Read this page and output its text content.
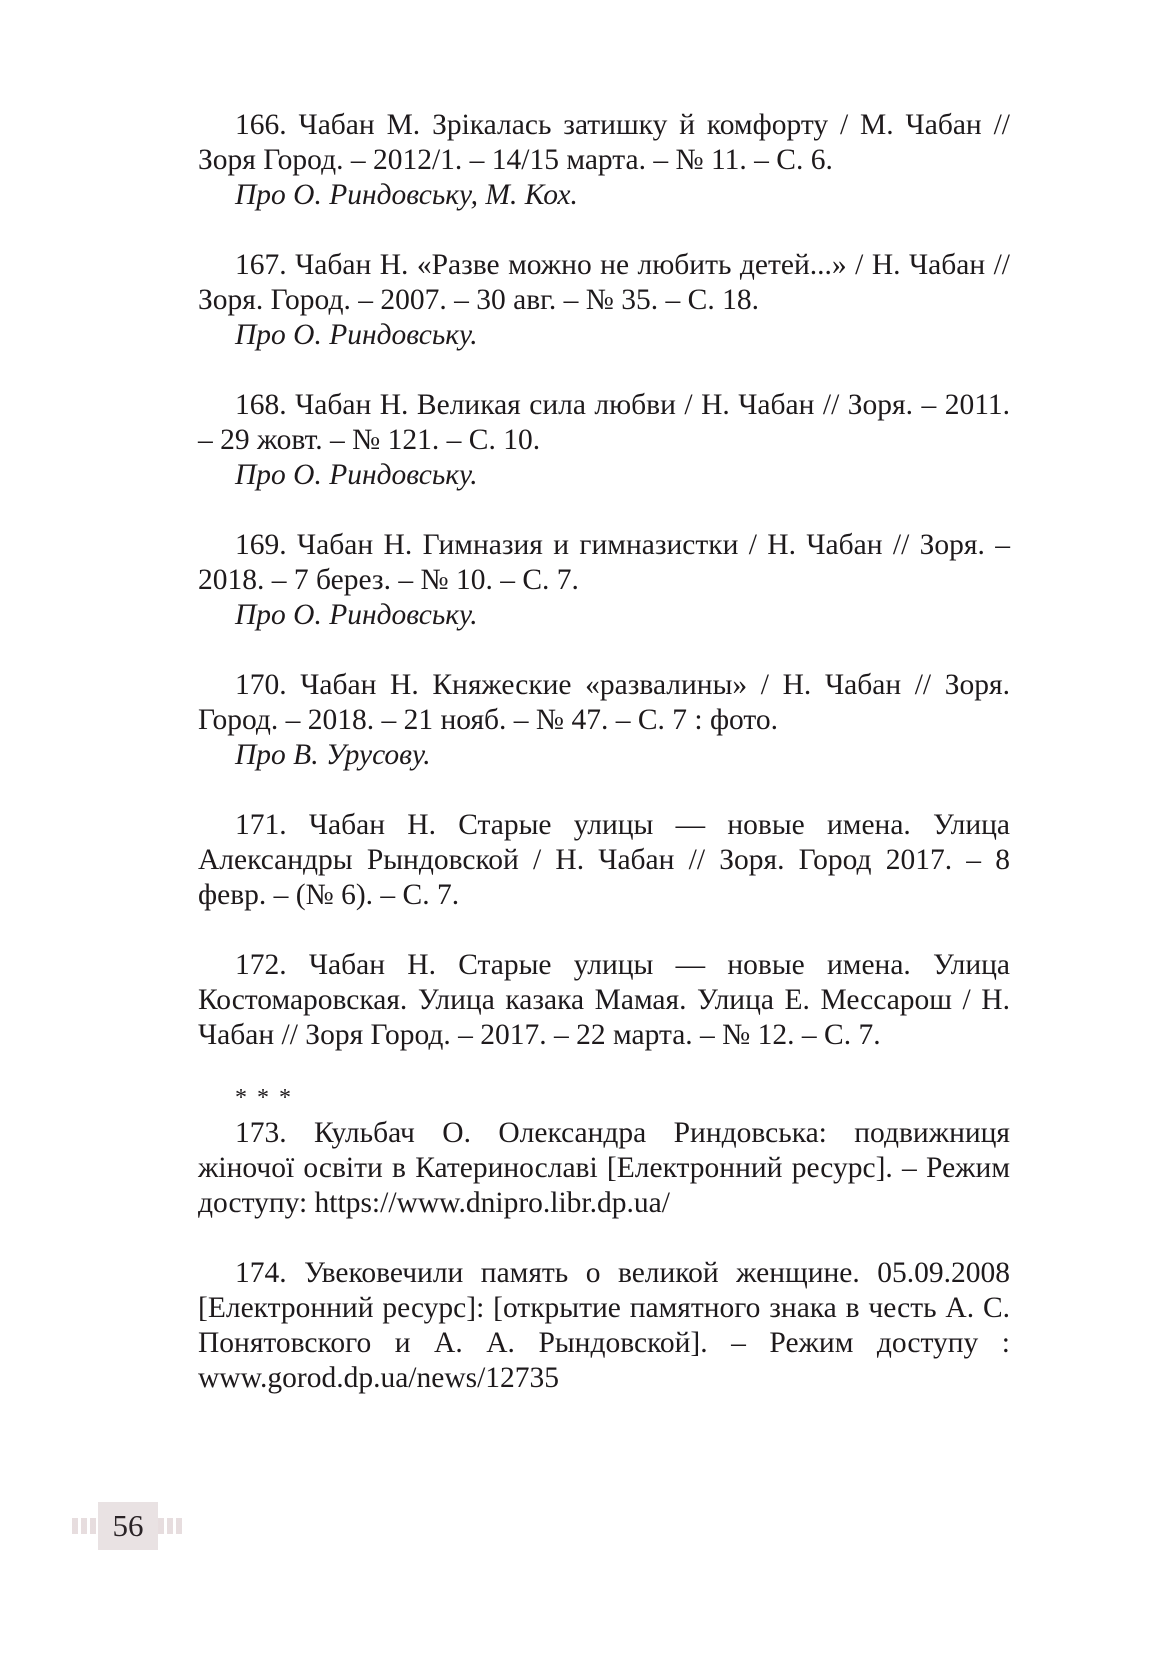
166. Чабан М. Зрікалась затишку й комфорту / М. Чабан // Зоря Город. – 2012/1. – 14/15 марта. – № 11. – С. 6.

Про О. Риндовську, М. Кох.

167. Чабан Н. «Разве можно не любить детей...» / Н. Чабан // Зоря. Город. – 2007. – 30 авг. – № 35. – С. 18.

Про О. Риндовську.

168. Чабан Н. Великая сила любви / Н. Чабан // Зоря. – 2011. – 29 жовт. – № 121. – С. 10.

Про О. Риндовську.

169. Чабан Н. Гимназия и гимназистки / Н. Чабан // Зоря. – 2018. – 7 берез. – № 10. – С. 7.

Про О. Риндовську.

170. Чабан Н. Княжеские «развалины» / Н. Чабан // Зоря. Город. – 2018. – 21 нояб. – № 47. – С. 7 : фото.

Про В. Урусову.

171. Чабан Н. Старые улицы — новые имена. Улица Александры Рындовской / Н. Чабан // Зоря. Город 2017. – 8 февр. – (№ 6). – С. 7.

172. Чабан Н. Старые улицы — новые имена. Улица Костомаровская. Улица казака Мамая. Улица Е. Мессарош / Н. Чабан // Зоря Город. – 2017. – 22 марта. – № 12. – С. 7.

* * *

173. Кульбач О. Олександра Риндовська: подвижниця жіночої освіти в Катеринославі [Електронний ресурс]. – Режим доступу: https://www.dnipro.libr.dp.ua/

174. Увековечили память о великой женщине. 05.09.2008 [Електронний ресурс]: [открытие памятного знака в честь А. С. Понятовского и А. А. Рындовской]. – Режим доступу : www.gorod.dp.ua/news/12735

56
